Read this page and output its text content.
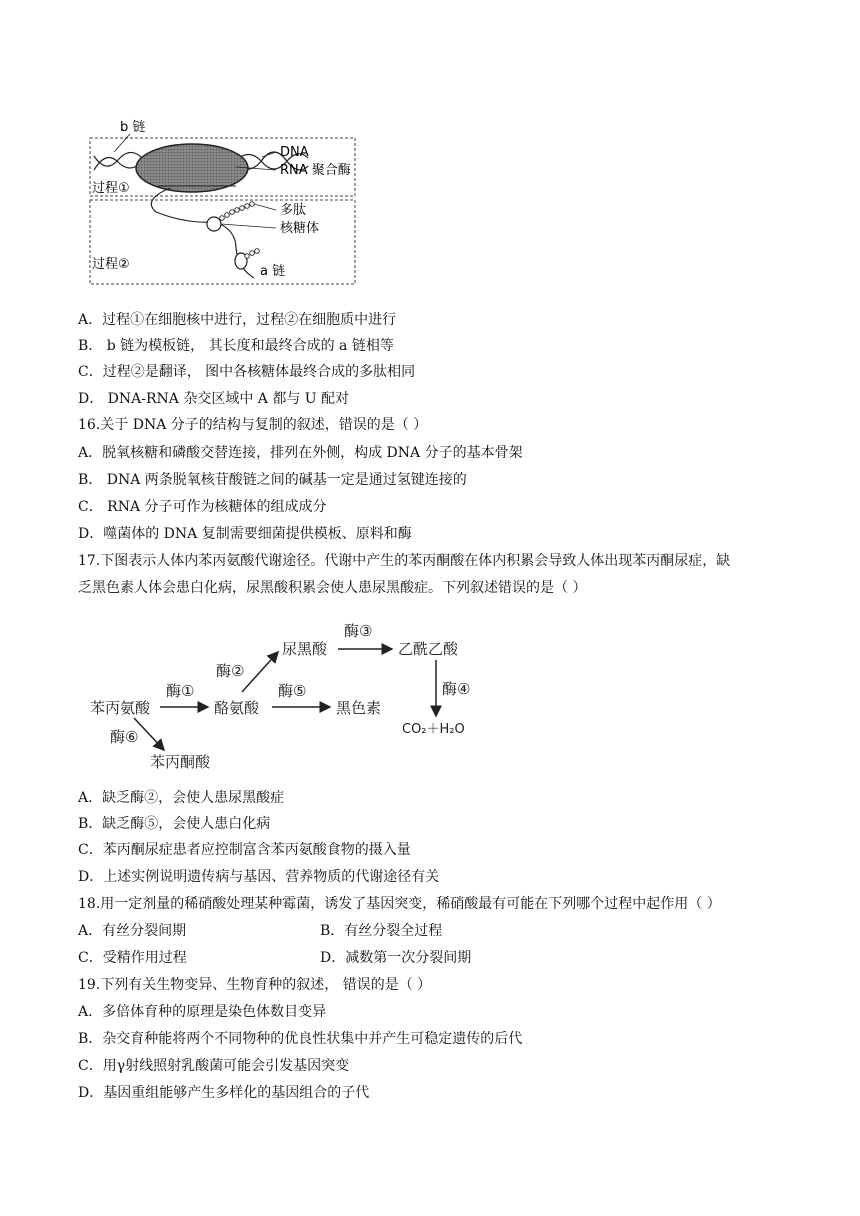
b 链
DNA
RNA 聚合酶
过程①
多肽
核糖体
过程②	a 链
A．过程①在细胞核中进行，过程②在细胞质中进行
B． b 链为模板链， 其长度和最终合成的 a 链相等
C．过程②是翻译， 图中各核糖体最终合成的多肽相同
D． DNA-RNA 杂交区域中 A 都与 U 配对
16.关于 DNA 分子的结构与复制的叙述，错误的是（ ）
A．脱氧核糖和磷酸交替连接，排列在外侧，构成 DNA 分子的基本骨架
B． DNA 两条脱氧核苷酸链之间的碱基一定是通过氢键连接的
C． RNA 分子可作为核糖体的组成成分
D．噬菌体的 DNA 复制需要细菌提供模板、原料和酶
17.下图表示人体内苯丙氨酸代谢途径。代谢中产生的苯丙酮酸在体内积累会导致人体出现苯丙酮尿症，缺
乏黑色素人体会患白化病，尿黑酸积累会使人患尿黑酸症。下列叙述错误的是（ ）
苯丙氨酸
酶①
酪氨酸
酶②
尿黑酸
酶③
乙酰乙酸
酶④
CO₂＋H₂O
酶⑤
黑色素
酶⑥
苯丙酮酸
A．缺乏酶②，会使人患尿黑酸症
B．缺乏酶⑤，会使人患白化病
C．苯丙酮尿症患者应控制富含苯丙氨酸食物的摄入量
D．上述实例说明遗传病与基因、营养物质的代谢途径有关
18.用一定剂量的稀硝酸处理某种霉菌，诱发了基因突变，稀硝酸最有可能在下列哪个过程中起作用（ ）
A．有丝分裂间期	B．有丝分裂全过程
C．受精作用过程	D．减数第一次分裂间期
19.下列有关生物变异、生物育种的叙述， 错误的是（ ）
A．多倍体育种的原理是染色体数目变异
B．杂交育种能将两个不同物种的优良性状集中并产生可稳定遗传的后代
C．用γ射线照射乳酸菌可能会引发基因突变
D．基因重组能够产生多样化的基因组合的子代
